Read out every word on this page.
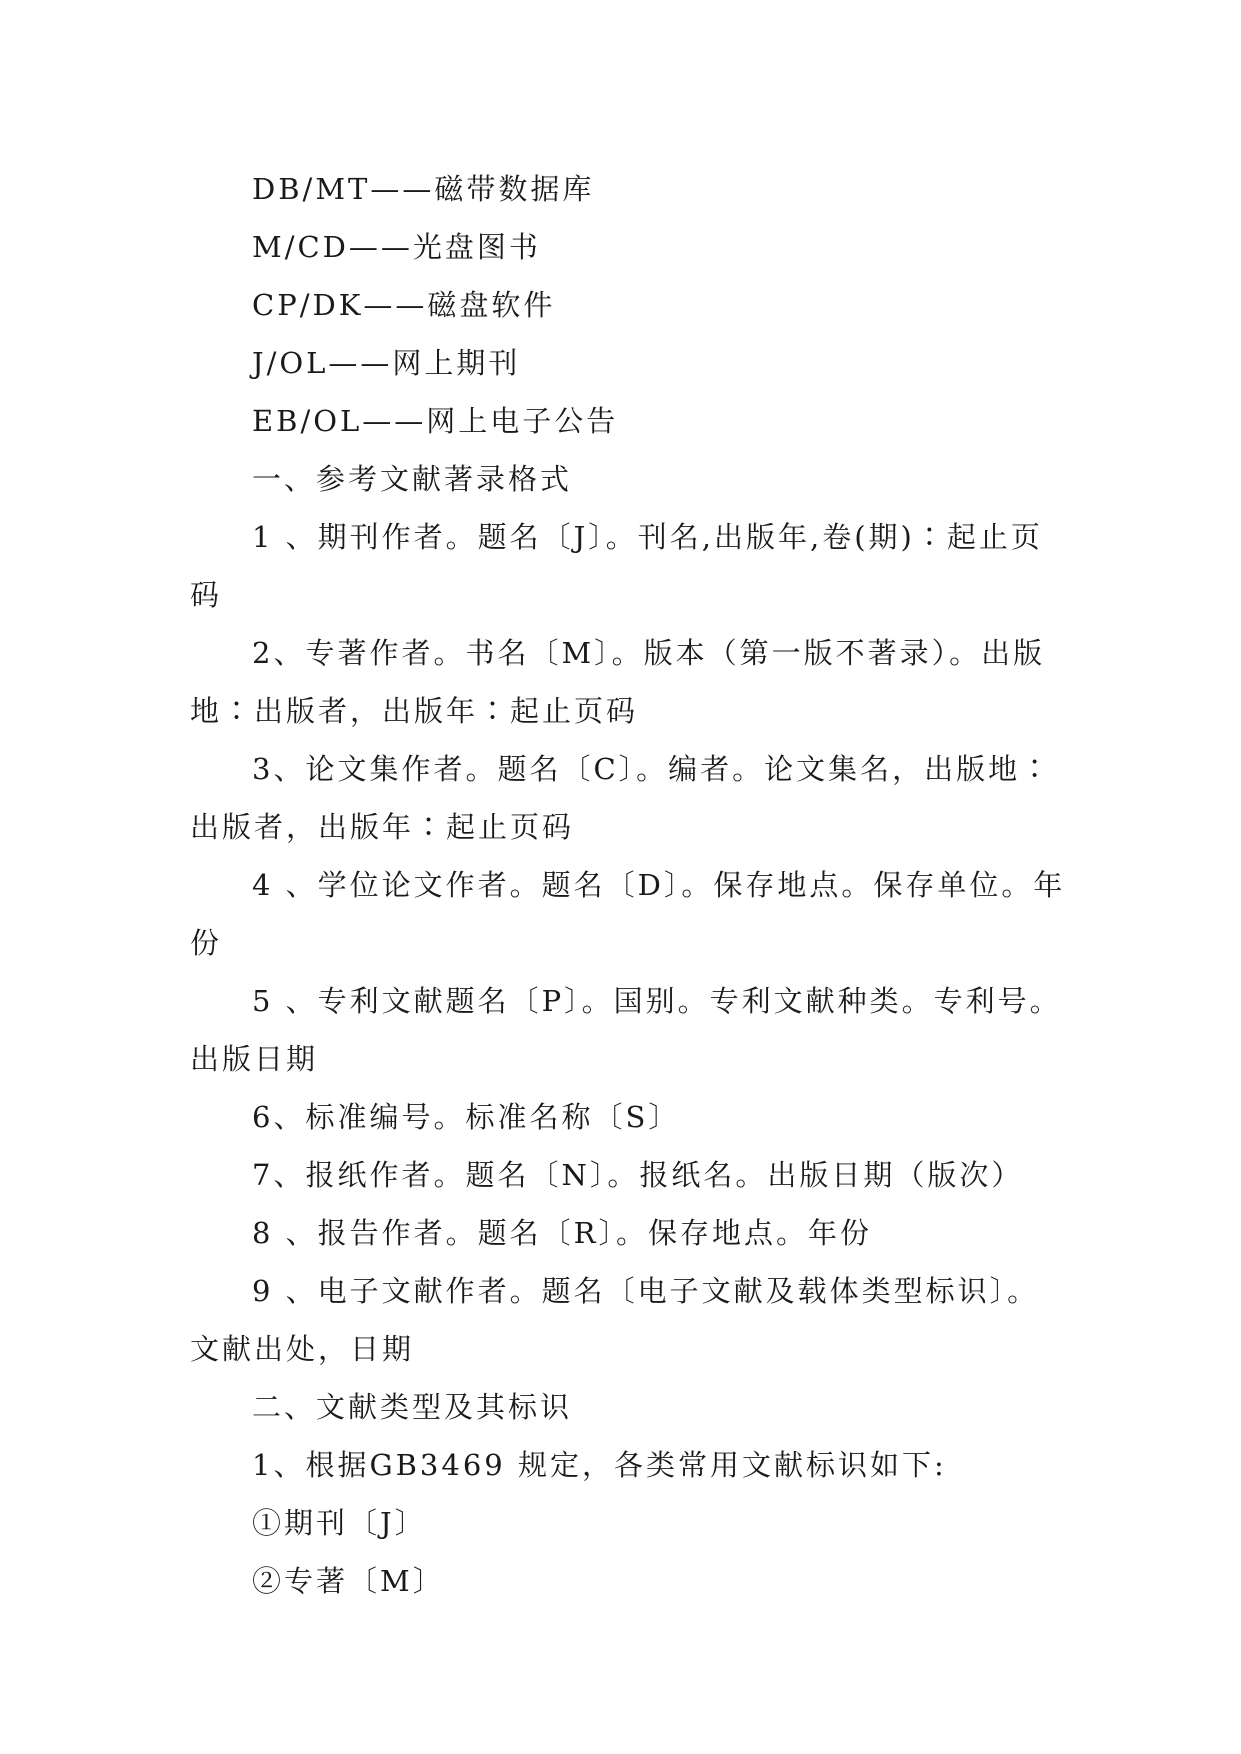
DB/MT——磁带数据库

M/CD——光盘图书

CP/DK——磁盘软件

J/OL——网上期刊

EB/OL——网上电子公告

一、参考文献著录格式

1 、期刊作者。题名〔J〕。刊名,出版年,卷(期)∶起止页码

2、专著作者。书名〔M〕。版本（第一版不著录）。出版地∶出版者，出版年∶起止页码

3、论文集作者。题名〔C〕。编者。论文集名，出版地∶出版者，出版年∶起止页码

4 、学位论文作者。题名〔D〕。保存地点。保存单位。年份

5 、专利文献题名〔P〕。国别。专利文献种类。专利号。出版日期

6、标准编号。标准名称〔S〕

7、报纸作者。题名〔N〕。报纸名。出版日期（版次）

8 、报告作者。题名〔R〕。保存地点。年份

9 、电子文献作者。题名〔电子文献及载体类型标识〕。文献出处，日期

二、文献类型及其标识

1、根据GB3469 规定，各类常用文献标识如下:

①期刊〔J〕

②专著〔M〕
